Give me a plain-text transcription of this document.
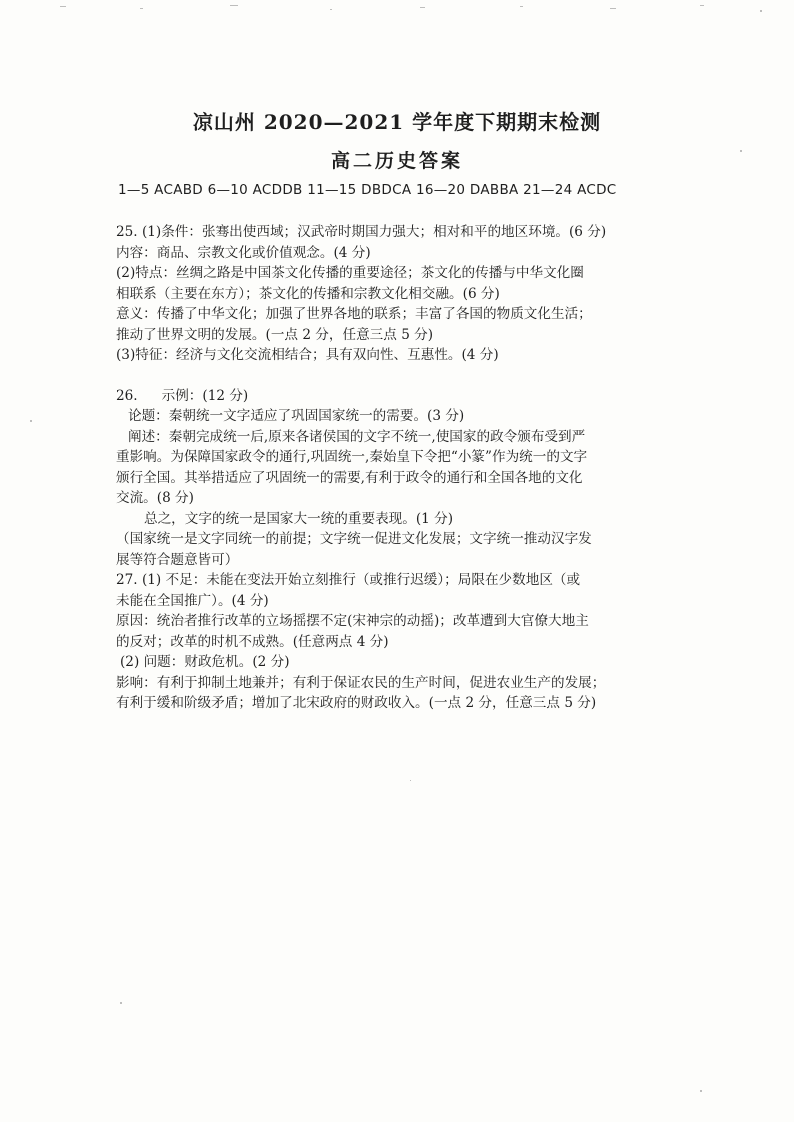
凉山州 2020—2021 学年度下期期末检测
高二历史答案
1—5 ACABD 6—10 ACDDB 11—15 DBDCA 16—20 DABBA 21—24 ACDC
25. (1)条件：张骞出使西域；汉武帝时期国力强大；相对和平的地区环境。(6 分)
内容：商品、宗教文化或价值观念。(4 分)
(2)特点：丝绸之路是中国茶文化传播的重要途径；茶文化的传播与中华文化圈
相联系（主要在东方）；茶文化的传播和宗教文化相交融。(6 分)
意义：传播了中华文化；加强了世界各地的联系；丰富了各国的物质文化生活；
推动了世界文明的发展。(一点 2 分，任意三点 5 分)
(3)特征：经济与文化交流相结合；具有双向性、互惠性。(4 分)
26. 示例：(12 分)
论题：秦朝统一文字适应了巩固国家统一的需要。(3 分)
阐述：秦朝完成统一后,原来各诸侯国的文字不统一,使国家的政令颁布受到严
重影响。为保障国家政令的通行,巩固统一,秦始皇下令把“小篆”作为统一的文字
颁行全国。其举措适应了巩固统一的需要,有利于政令的通行和全国各地的文化
交流。(8 分)
总之，文字的统一是国家大一统的重要表现。(1 分)
（国家统一是文字同统一的前提；文字统一促进文化发展；文字统一推动汉字发
展等符合题意皆可）
27. (1) 不足：未能在变法开始立刻推行（或推行迟缓）；局限在少数地区（或
未能在全国推广）。(4 分)
原因：统治者推行改革的立场摇摆不定(宋神宗的动摇)；改革遭到大官僚大地主
的反对；改革的时机不成熟。(任意两点 4 分)
(2) 问题：财政危机。(2 分)
影响：有利于抑制土地兼并；有利于保证农民的生产时间，促进农业生产的发展；
有利于缓和阶级矛盾；增加了北宋政府的财政收入。(一点 2 分，任意三点 5 分)
